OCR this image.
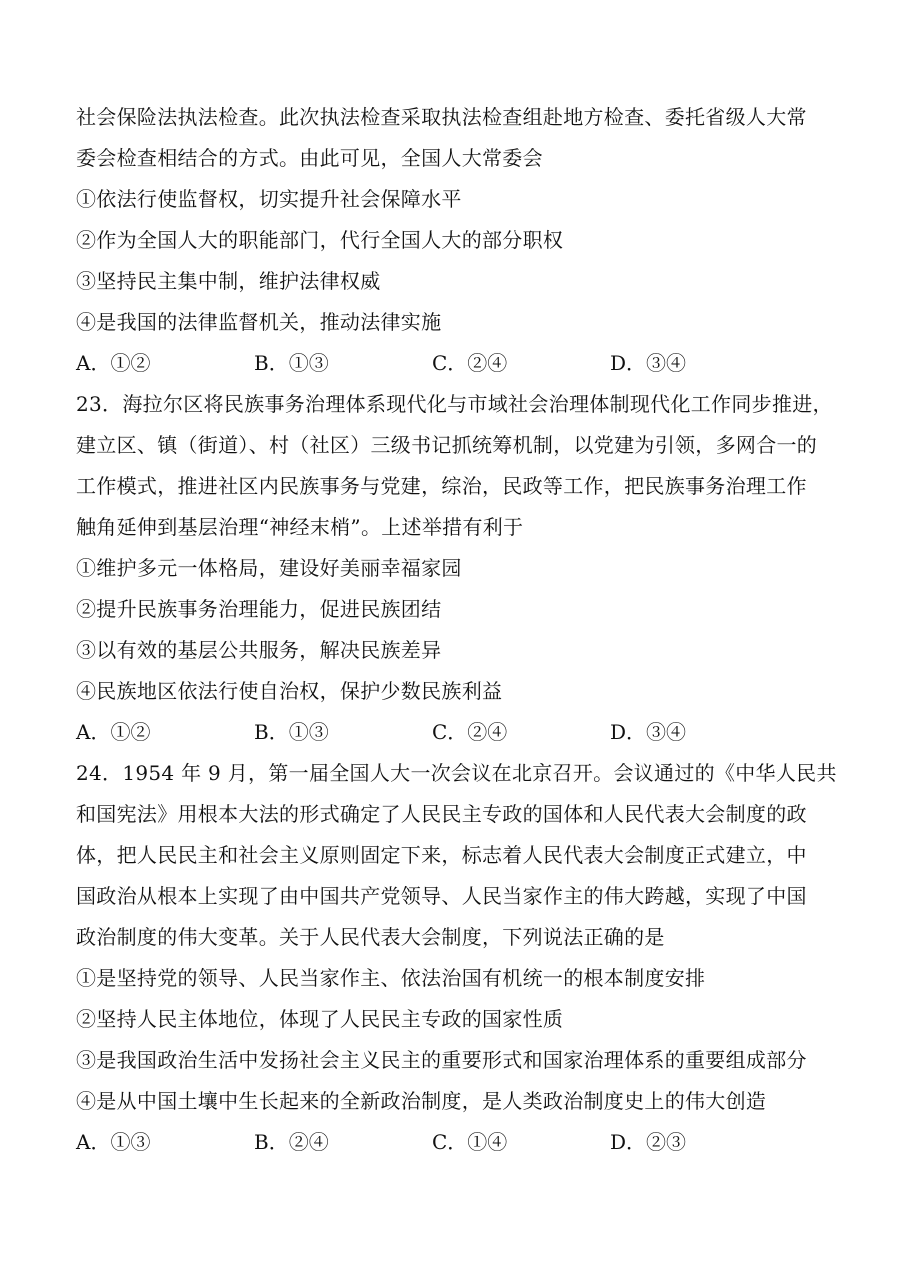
社会保险法执法检查。此次执法检查采取执法检查组赴地方检查、委托省级人大常
委会检查相结合的方式。由此可见，全国人大常委会
①依法行使监督权，切实提升社会保障水平
②作为全国人大的职能部门，代行全国人大的部分职权
③坚持民主集中制，维护法律权威
④是我国的法律监督机关，推动法律实施
A．①②	B．①③	C．②④	D．③④
23．海拉尔区将民族事务治理体系现代化与市域社会治理体制现代化工作同步推进，
建立区、镇（街道）、村（社区）三级书记抓统筹机制，以党建为引领，多网合一的
工作模式，推进社区内民族事务与党建，综治，民政等工作，把民族事务治理工作
触角延伸到基层治理“神经末梢”。上述举措有利于
①维护多元一体格局，建设好美丽幸福家园
②提升民族事务治理能力，促进民族团结
③以有效的基层公共服务，解决民族差异
④民族地区依法行使自治权，保护少数民族利益
A．①②	B．①③	C．②④	D．③④
24．1954 年 9 月，第一届全国人大一次会议在北京召开。会议通过的《中华人民共
和国宪法》用根本大法的形式确定了人民民主专政的国体和人民代表大会制度的政
体，把人民民主和社会主义原则固定下来，标志着人民代表大会制度正式建立，中
国政治从根本上实现了由中国共产党领导、人民当家作主的伟大跨越，实现了中国
政治制度的伟大变革。关于人民代表大会制度，下列说法正确的是
①是坚持党的领导、人民当家作主、依法治国有机统一的根本制度安排
②坚持人民主体地位，体现了人民民主专政的国家性质
③是我国政治生活中发扬社会主义民主的重要形式和国家治理体系的重要组成部分
④是从中国土壤中生长起来的全新政治制度，是人类政治制度史上的伟大创造
A．①③	B．②④	C．①④	D．②③
